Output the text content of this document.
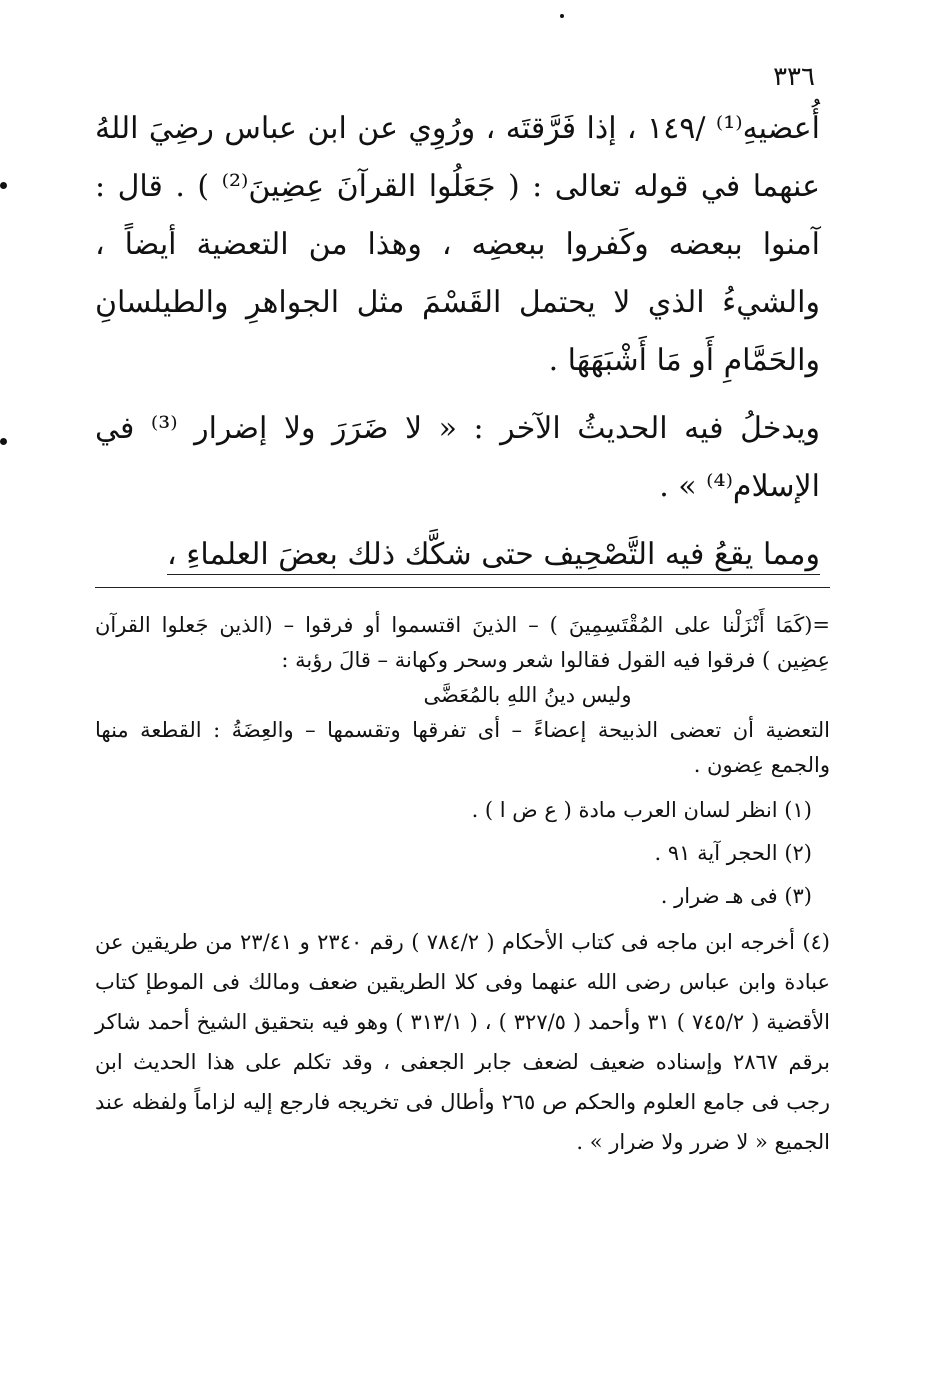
٣٣٦

أُعضيهِ⁽¹⁾ /١٤٩ ، إذا فَرَّقتَه ، ورُوِي عن ابن عباس رضِيَ اللهُ عنهما في قوله تعالى : ( جَعَلُوا القرآنَ عِضِينَ⁽²⁾ ) . قال : آمنوا ببعضه وكَفروا ببعضِه ، وهذا من التعضية أيضاً ، والشيءُ الذي لا يحتمل القَسْمَ مثل الجواهرِ والطيلسانِ والحَمَّامِ أَو مَا أَشْبَهَهَا .

ويدخلُ فيه الحديثُ الآخر : « لا ضَرَرَ ولا إضرار ⁽³⁾ في الإسلام⁽⁴⁾ » .

ومما يقعُ فيه التَّصْحِيف حتى شكَّك ذلك بعضَ العلماءِ ،

=(كَمَا أَنْزَلْنا على المُقْتَسِمِينَ ) – الذينَ اقتسموا أو فرقوا – (الذين جَعلوا القرآن عِضِين ) فرقوا فيه القول فقالوا شعر وسحر وكهانة – قالَ رؤبة :

وليس دينُ اللهِ بالمُعَضَّى

التعضية أن تعضى الذبيحة إعضاءً – أى تفرقها وتقسمها – والعِضَةُ : القطعة منها والجمع عِضون .

(١) انظر لسان العرب مادة ( ع ض ا ) .

(٢) الحجر آية ٩١ .

(٣) فى هـ ضرار .

(٤) أخرجه ابن ماجه فى كتاب الأحكام ( ٧٨٤/٢ ) رقم ٢٣٤٠ و ٢٣/٤١ من طريقين عن عبادة وابن عباس رضى الله عنهما وفى كلا الطريقين ضعف ومالك فى الموطإ كتاب الأقضية ( ٧٤٥/٢ ) ٣١ وأحمد ( ٣٢٧/٥ ) ، ( ٣١٣/١ ) وهو فيه بتحقيق الشيخ أحمد شاكر برقم ٢٨٦٧ وإسناده ضعيف لضعف جابر الجعفى ، وقد تكلم على هذا الحديث ابن رجب فى جامع العلوم والحكم ص ٢٦٥ وأطال فى تخريجه فارجع إليه لزاماً ولفظه عند الجميع « لا ضرر ولا ضرار » .
